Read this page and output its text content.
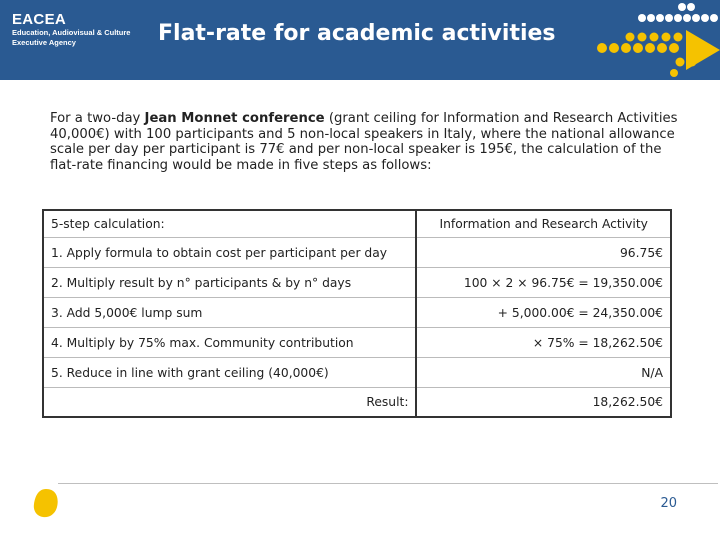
EACEA
Education, Audiovisual & Culture
Executive Agency	Flat-rate for academic activities
For a two-day Jean Monnet conference (grant ceiling for Information and Research Activities 40,000€) with 100 participants and 5 non-local speakers in Italy, where the national allowance scale per day per participant is 77€ and per non-local speaker is 195€, the calculation of the flat-rate financing would be made in five steps as follows:
5-step calculation:	Information and Research Activity
1. Apply formula to obtain cost per participant per day	96.75€
2. Multiply result by n° participants & by n° days	100 × 2 × 96.75€ = 19,350.00€
3. Add 5,000€ lump sum	+ 5,000.00€ = 24,350.00€
4. Multiply by 75% max. Community contribution	× 75% = 18,262.50€
5. Reduce in line with grant ceiling (40,000€)	N/A
Result:	18,262.50€
20
